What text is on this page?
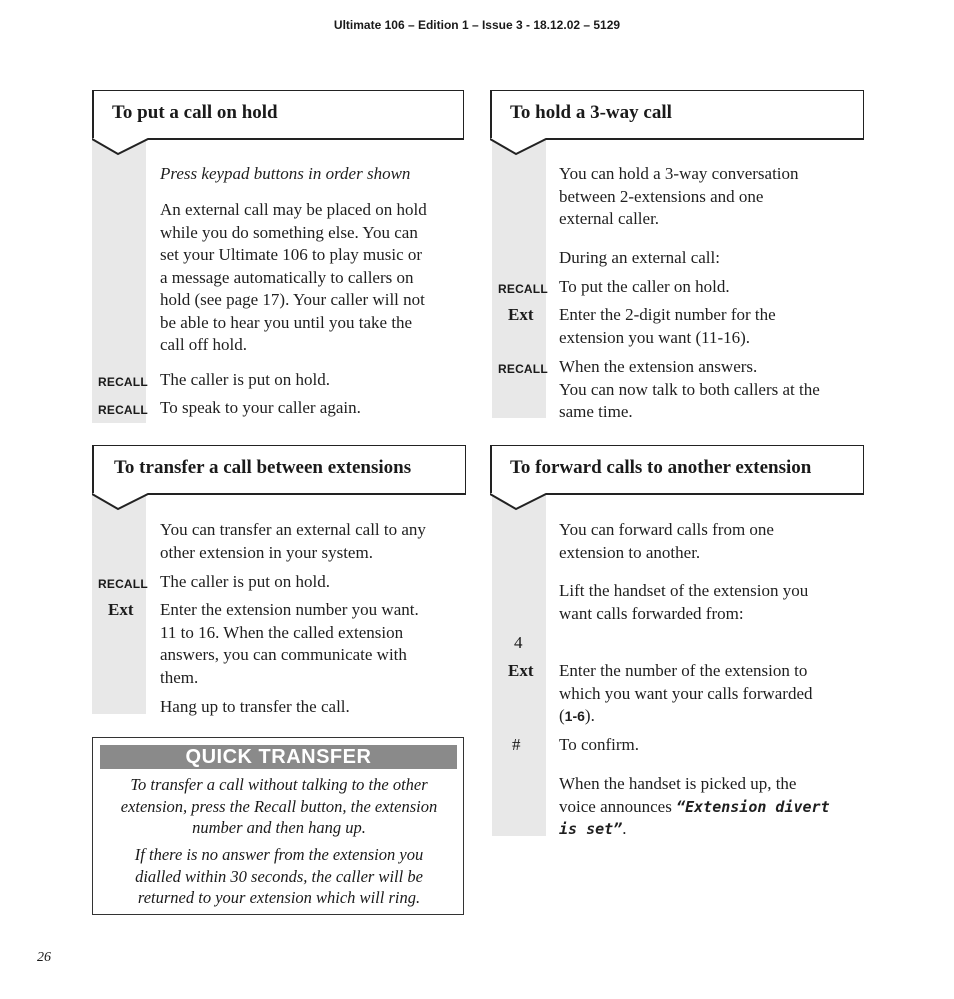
Ultimate 106 – Edition 1 – Issue 3 - 18.12.02 – 5129
To put a call on hold
Press keypad buttons in order shown
An external call may be placed on hold
while you do something else. You can
set your Ultimate 106 to play music or
a message automatically to callers on
hold (see page 17). Your caller will not
be able to hear you until you take the
call off hold.
RECALL The caller is put on hold.
RECALL To speak to your caller again.
To hold a 3-way call
You can hold a 3-way conversation
between 2-extensions and one
external caller.
During an external call:
RECALL To put the caller on hold.
Ext Enter the 2-digit number for the
extension you want (11-16).
RECALL When the extension answers.
You can now talk to both callers at the
same time.
To transfer a call between extensions
You can transfer an external call to any
other extension in your system.
RECALL The caller is put on hold.
Ext Enter the extension number you want.
11 to 16. When the called extension
answers, you can communicate with
them.
Hang up to transfer the call.
QUICK TRANSFER
To transfer a call without talking to the other
extension, press the Recall button, the extension
number and then hang up.
If there is no answer from the extension you
dialled within 30 seconds, the caller will be
returned to your extension which will ring.
To forward calls to another extension
You can forward calls from one
extension to another.
Lift the handset of the extension you
want calls forwarded from:
4
Ext Enter the number of the extension to
which you want your calls forwarded
(1-6).
# To confirm.
When the handset is picked up, the
voice announces “Extension divert
is set”.
26
